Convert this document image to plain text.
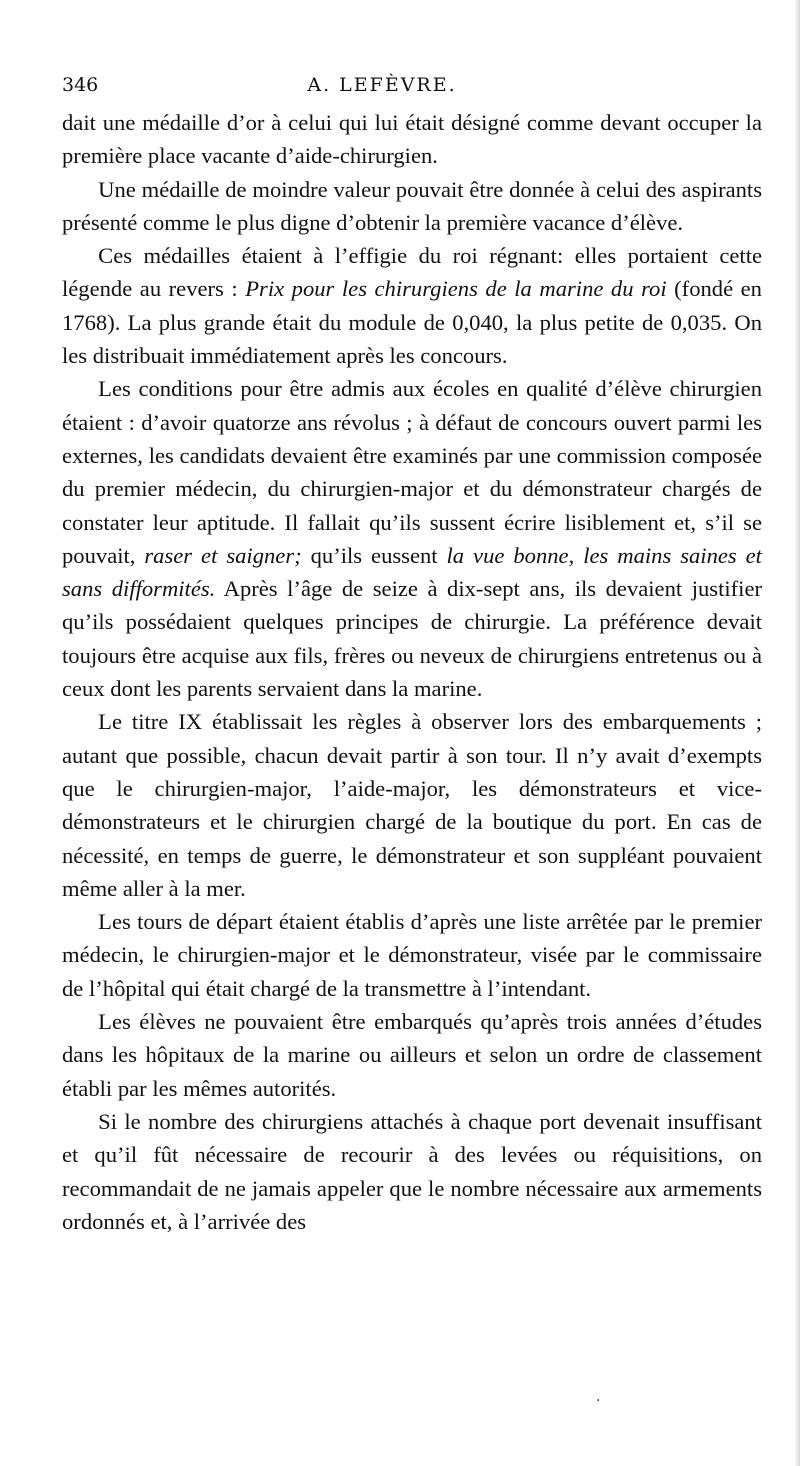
346	A. LEFÈVRE.

dait une médaille d’or à celui qui lui était désigné comme devant occuper la première place vacante d’aide-chirurgien.

Une médaille de moindre valeur pouvait être donnée à celui des aspirants présenté comme le plus digne d’obtenir la première vacance d’élève.

Ces médailles étaient à l’effigie du roi régnant: elles portaient cette légende au revers : Prix pour les chirurgiens de la marine du roi (fondé en 1768). La plus grande était du module de 0,040, la plus petite de 0,035. On les distribuait immédiatement après les concours.

Les conditions pour être admis aux écoles en qualité d’élève chirurgien étaient : d’avoir quatorze ans révolus ; à défaut de concours ouvert parmi les externes, les candidats devaient être examinés par une commission composée du premier médecin, du chirurgien-major et du démonstrateur chargés de constater leur aptitude. Il fallait qu’ils sussent écrire lisiblement et, s’il se pouvait, raser et saigner; qu’ils eussent la vue bonne, les mains saines et sans difformités. Après l’âge de seize à dix-sept ans, ils devaient justifier qu’ils possédaient quelques principes de chirurgie. La préférence devait toujours être acquise aux fils, frères ou neveux de chirurgiens entretenus ou à ceux dont les parents servaient dans la marine.

Le titre IX établissait les règles à observer lors des embarquements ; autant que possible, chacun devait partir à son tour. Il n’y avait d’exempts que le chirurgien-major, l’aide-major, les démonstrateurs et vice-démonstrateurs et le chirurgien chargé de la boutique du port. En cas de nécessité, en temps de guerre, le démonstrateur et son suppléant pouvaient même aller à la mer.

Les tours de départ étaient établis d’après une liste arrêtée par le premier médecin, le chirurgien-major et le démonstrateur, visée par le commissaire de l’hôpital qui était chargé de la transmettre à l’intendant.

Les élèves ne pouvaient être embarqués qu’après trois années d’études dans les hôpitaux de la marine ou ailleurs et selon un ordre de classement établi par les mêmes autorités.

Si le nombre des chirurgiens attachés à chaque port devenait insuffisant et qu’il fût nécessaire de recourir à des levées ou réquisitions, on recommandait de ne jamais appeler que le nombre nécessaire aux armements ordonnés et, à l’arrivée des

·
